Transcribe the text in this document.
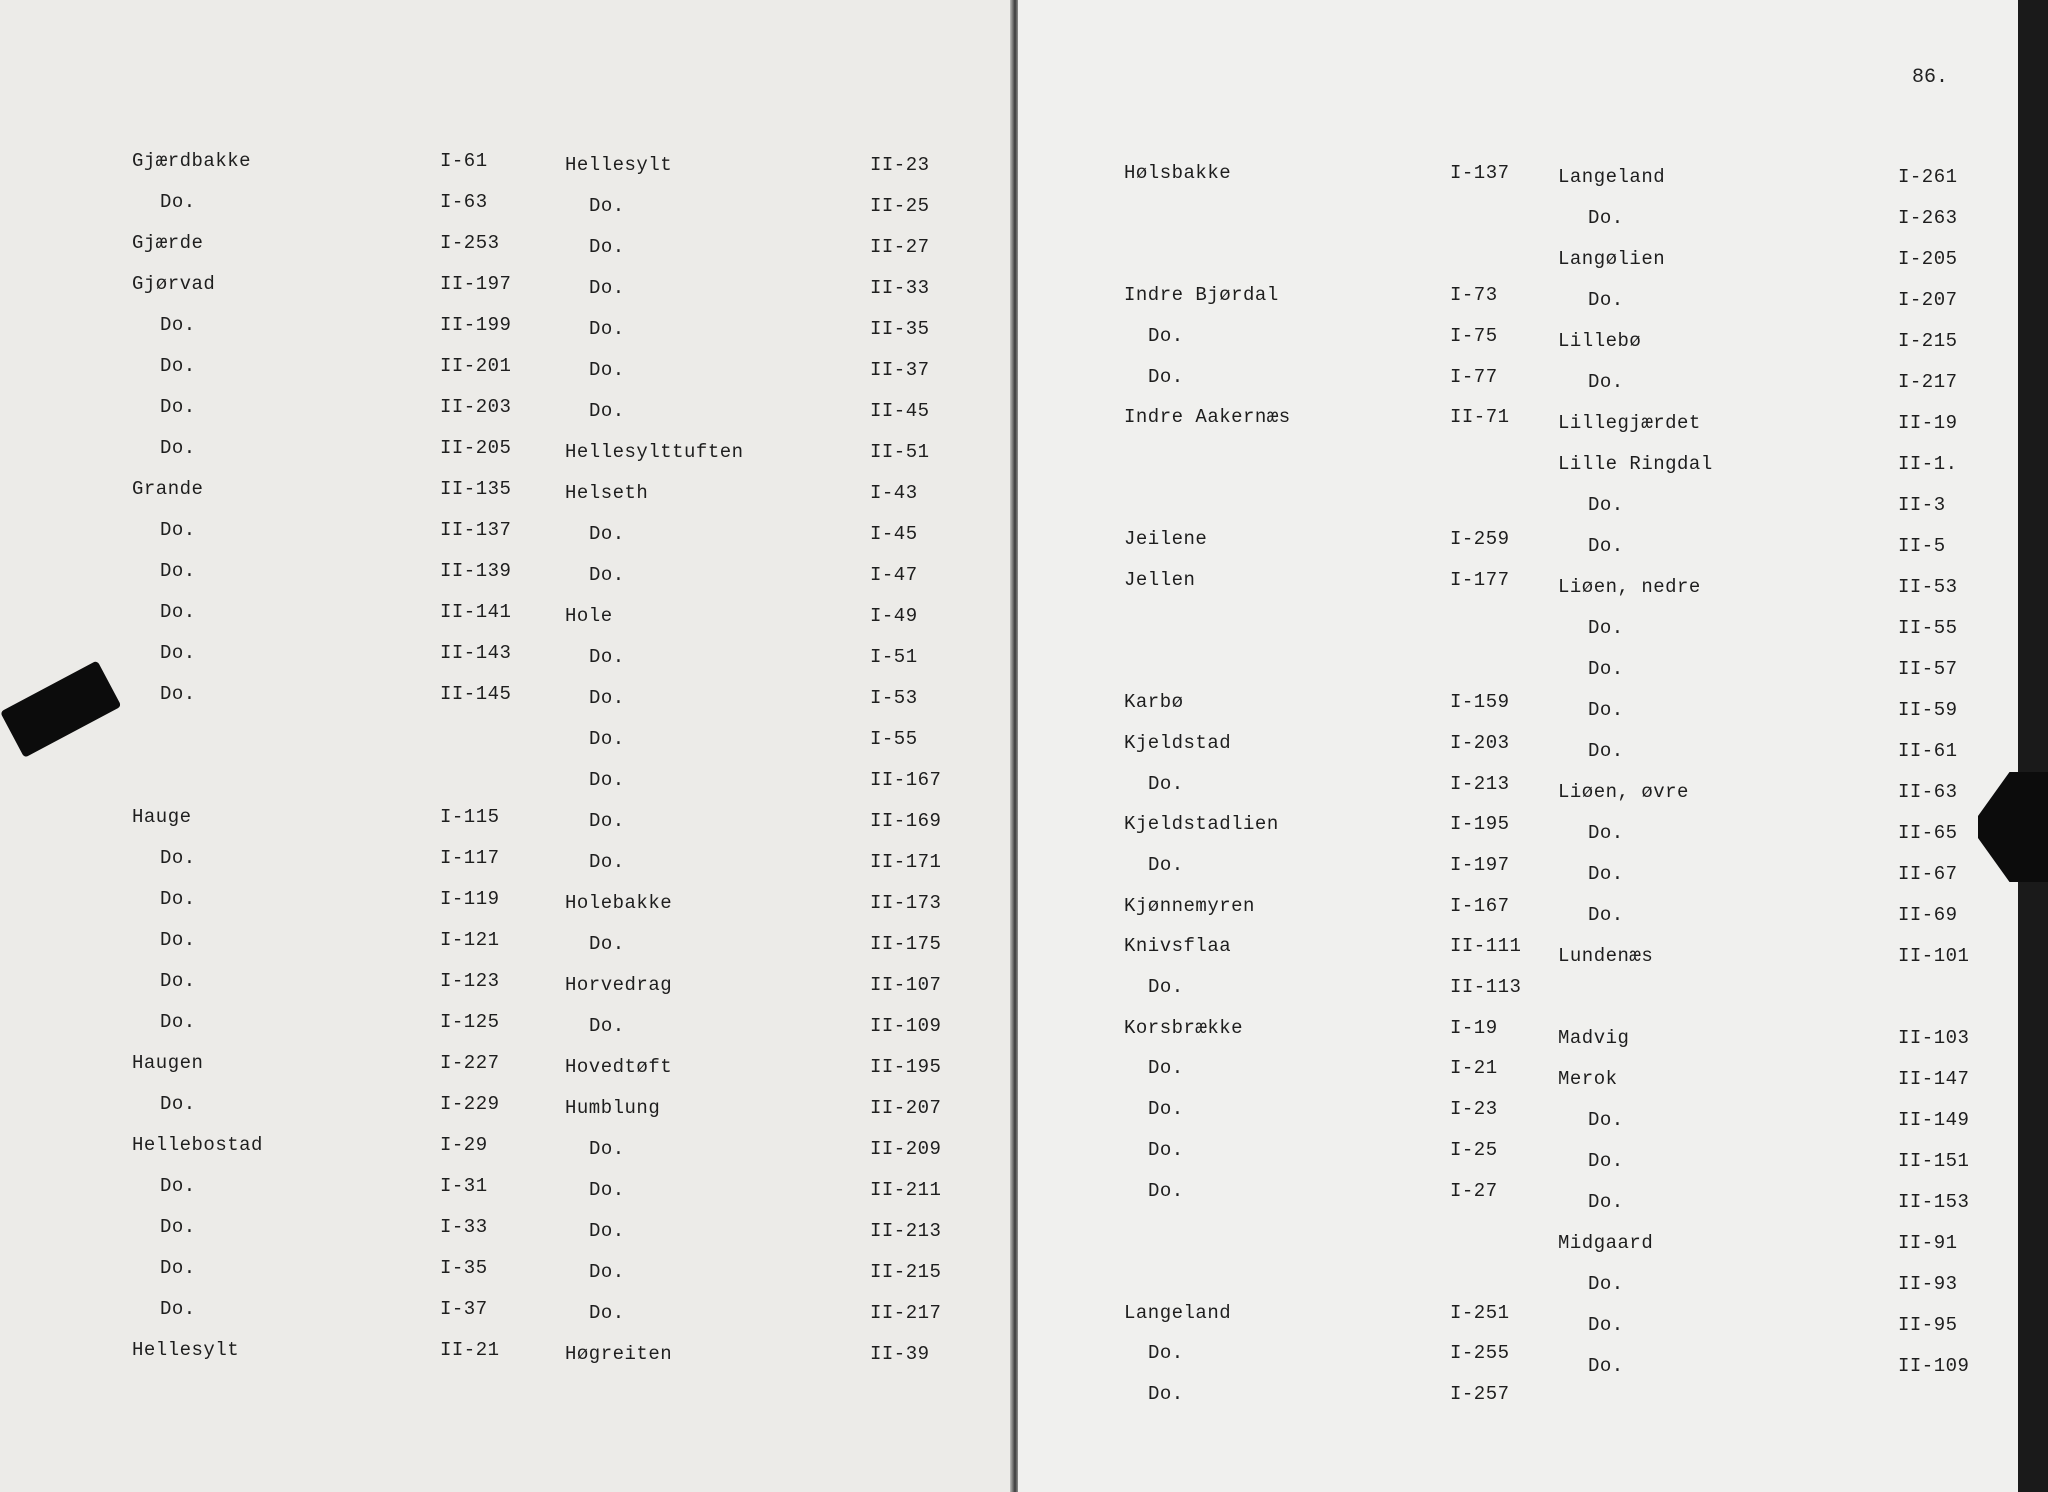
Gjærdbakke	I-61
Do.	I-63
Gjærde	I-253
Gjørvad	II-197
Do.	II-199
Do.	II-201
Do.	II-203
Do.	II-205
Grande	II-135
Do.	II-137
Do.	II-139
Do.	II-141
Do.	II-143
Do.	II-145
Hauge	I-115
Do.	I-117
Do.	I-119
Do.	I-121
Do.	I-123
Do.	I-125
Haugen	I-227
Do.	I-229
Hellebostad	I-29
Do.	I-31
Do.	I-33
Do.	I-35
Do.	I-37
Hellesylt	II-21
Hellesylt	II-23
Do.	II-25
Do.	II-27
Do.	II-33
Do.	II-35
Do.	II-37
Do.	II-45
Hellesylttuften	II-51
Helseth	I-43
Do.	I-45
Do.	I-47
Hole	I-49
Do.	I-51
Do.	I-53
Do.	I-55
Do.	II-167
Do.	II-169
Do.	II-171
Holebakke	II-173
Do.	II-175
Horvedrag	II-107
Do.	II-109
Hovedtøft	II-195
Humblung	II-207
Do.	II-209
Do.	II-211
Do.	II-213
Do.	II-215
Do.	II-217
Høgreiten	II-39
86.
Hølsbakke	I-137
Indre Bjørdal	I-73
Do.	I-75
Do.	I-77
Indre Aakernæs	II-71
Jeilene	I-259
Jellen	I-177
Karbø	I-159
Kjeldstad	I-203
Do.	I-213
Kjeldstadlien	I-195
Do.	I-197
Kjønnemyren	I-167
Knivsflaa	II-111
Do.	II-113
Korsbrække	I-19
Do.	I-21
Do.	I-23
Do.	I-25
Do.	I-27
Langeland	I-251
Do.	I-255
Do.	I-257
Langeland	I-261
Do.	I-263
Langølien	I-205
Do.	I-207
Lillebø	I-215
Do.	I-217
Lillegjærdet	II-19
Lille Ringdal	II-1.
Do.	II-3
Do.	II-5
Liøen, nedre	II-53
Do.	II-55
Do.	II-57
Do.	II-59
Do.	II-61
Liøen, øvre	II-63
Do.	II-65
Do.	II-67
Do.	II-69
Lundenæs	II-101
Madvig	II-103
Merok	II-147
Do.	II-149
Do.	II-151
Do.	II-153
Midgaard	II-91
Do.	II-93
Do.	II-95
Do.	II-109
